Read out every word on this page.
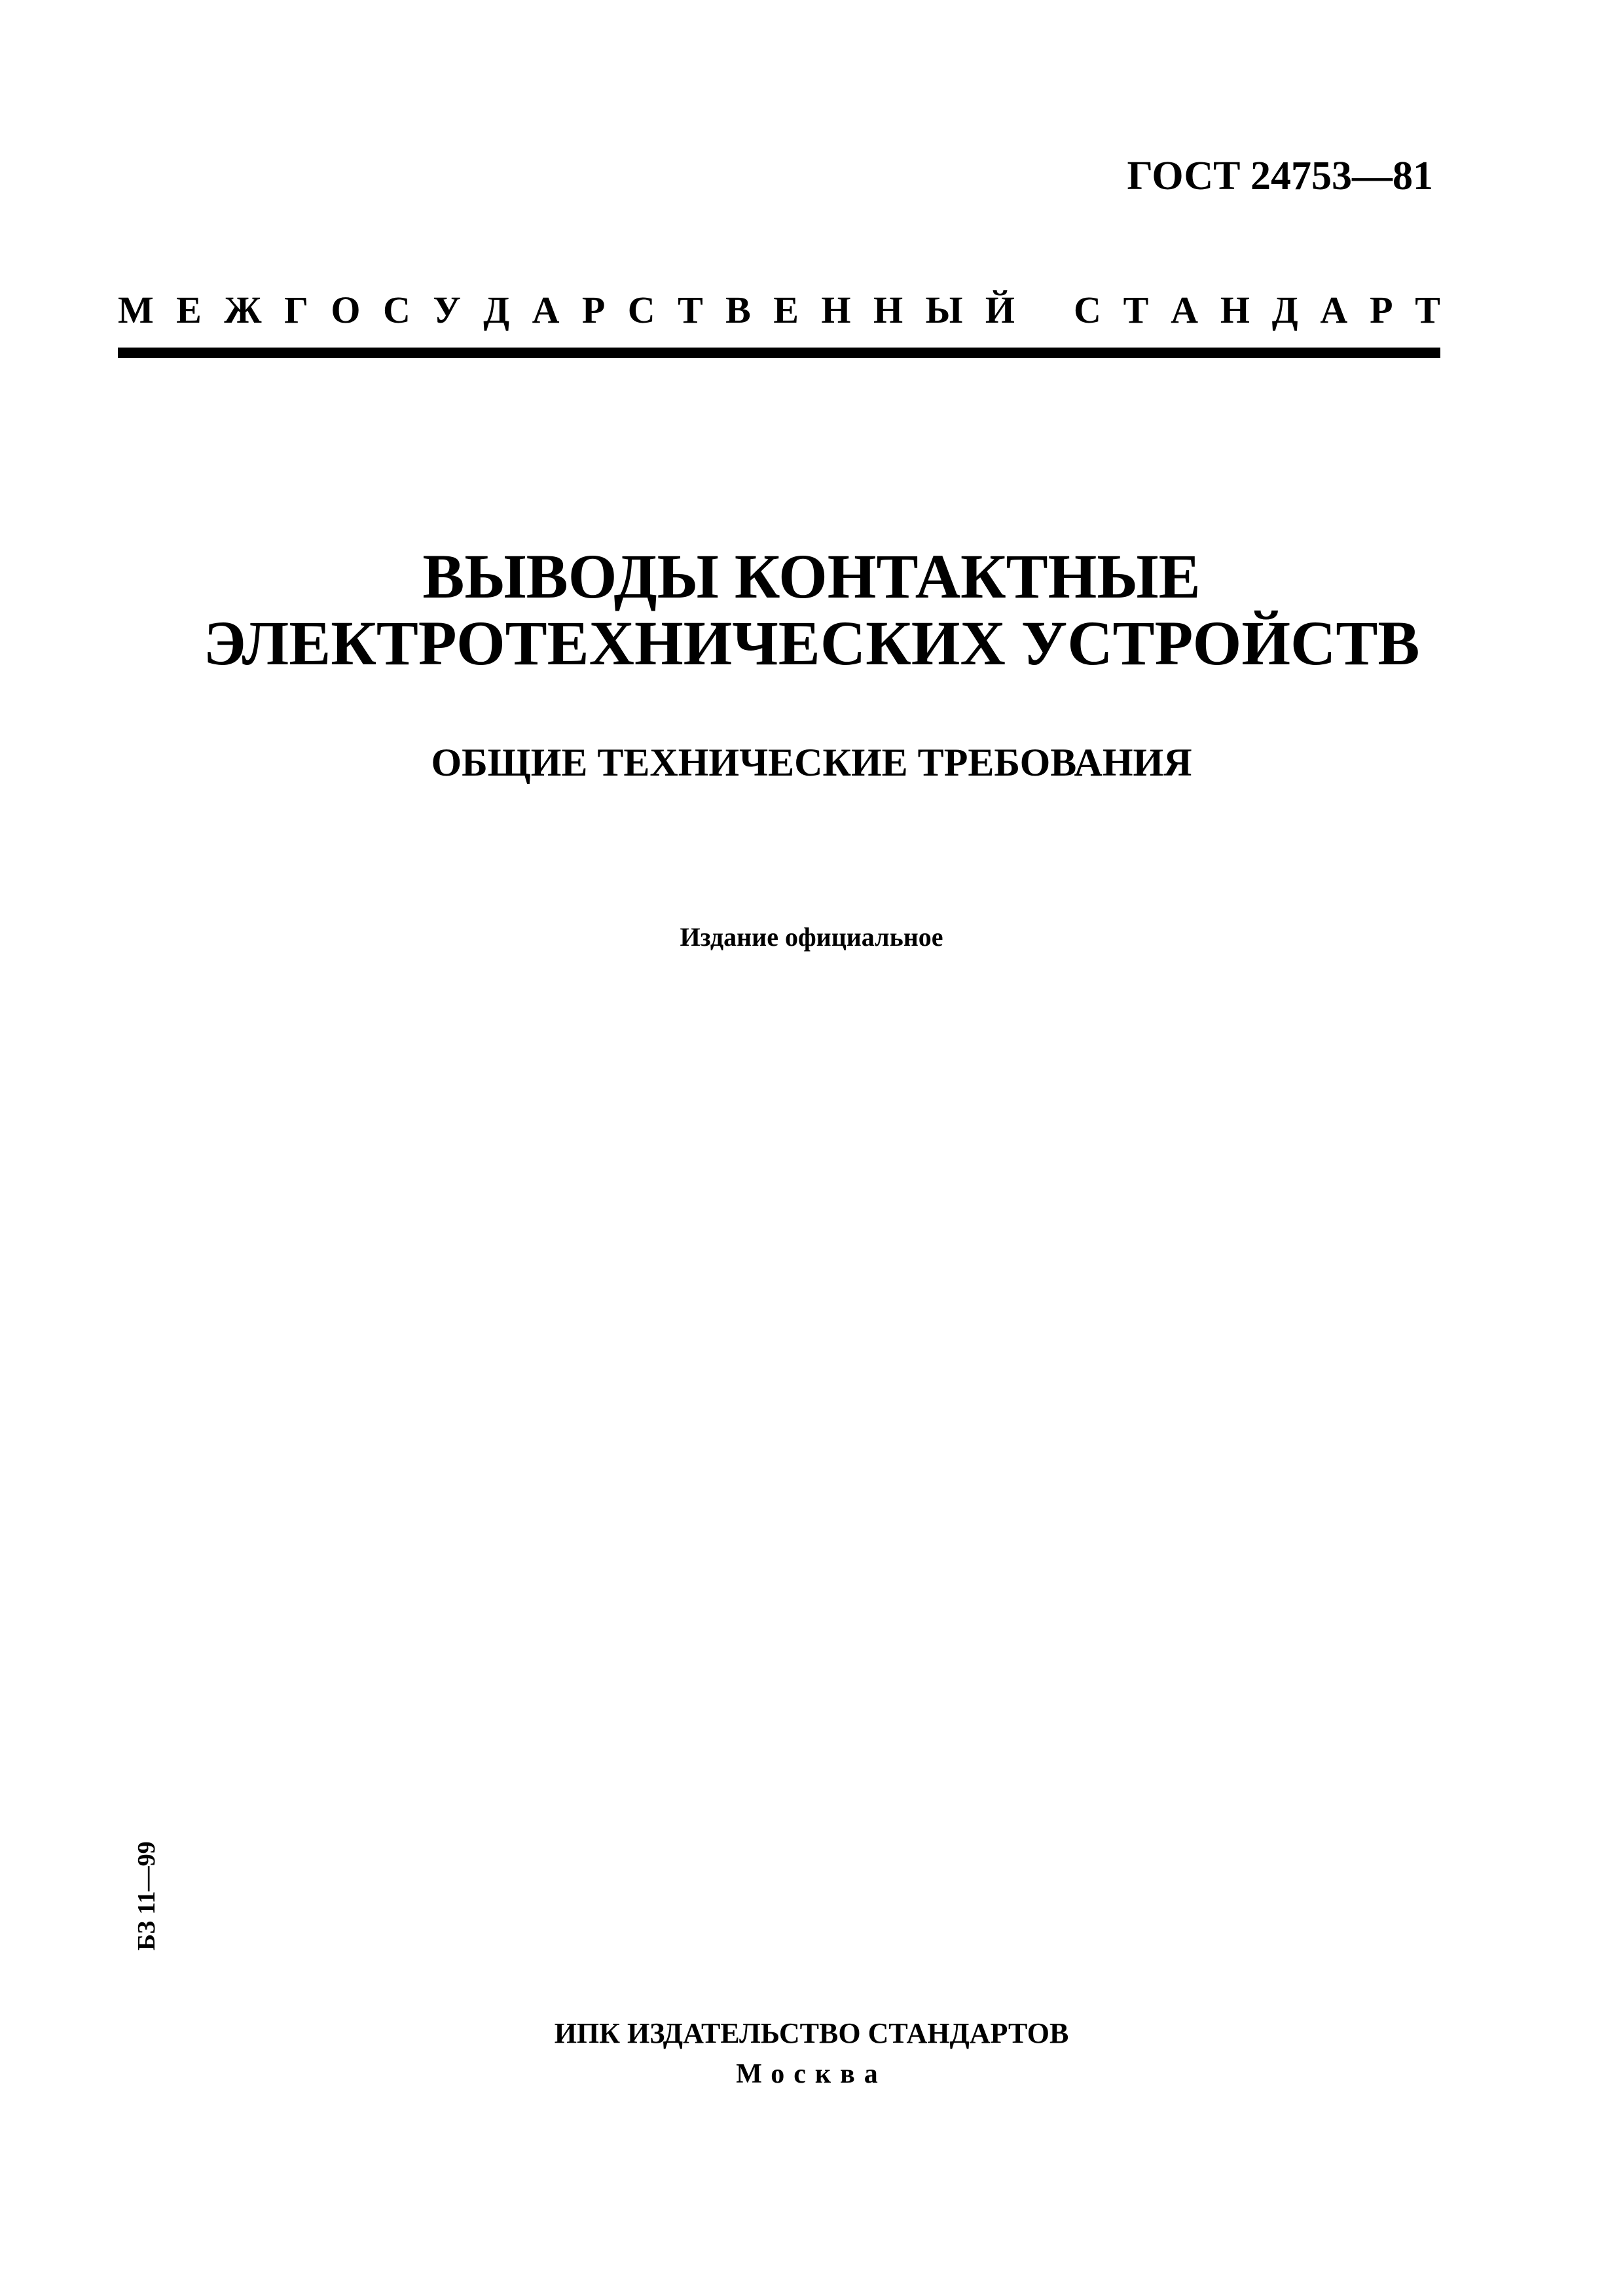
ГОСТ 24753—81
М Е Ж Г О С У Д А Р С Т В Е Н Н Ы Й С Т А Н Д А Р Т
ВЫВОДЫ КОНТАКТНЫЕ
ЭЛЕКТРОТЕХНИЧЕСКИХ УСТРОЙСТВ
ОБЩИЕ ТЕХНИЧЕСКИЕ ТРЕБОВАНИЯ
Издание официальное
БЗ 11—99
ИПК ИЗДАТЕЛЬСТВО СТАНДАРТОВ
Москва
